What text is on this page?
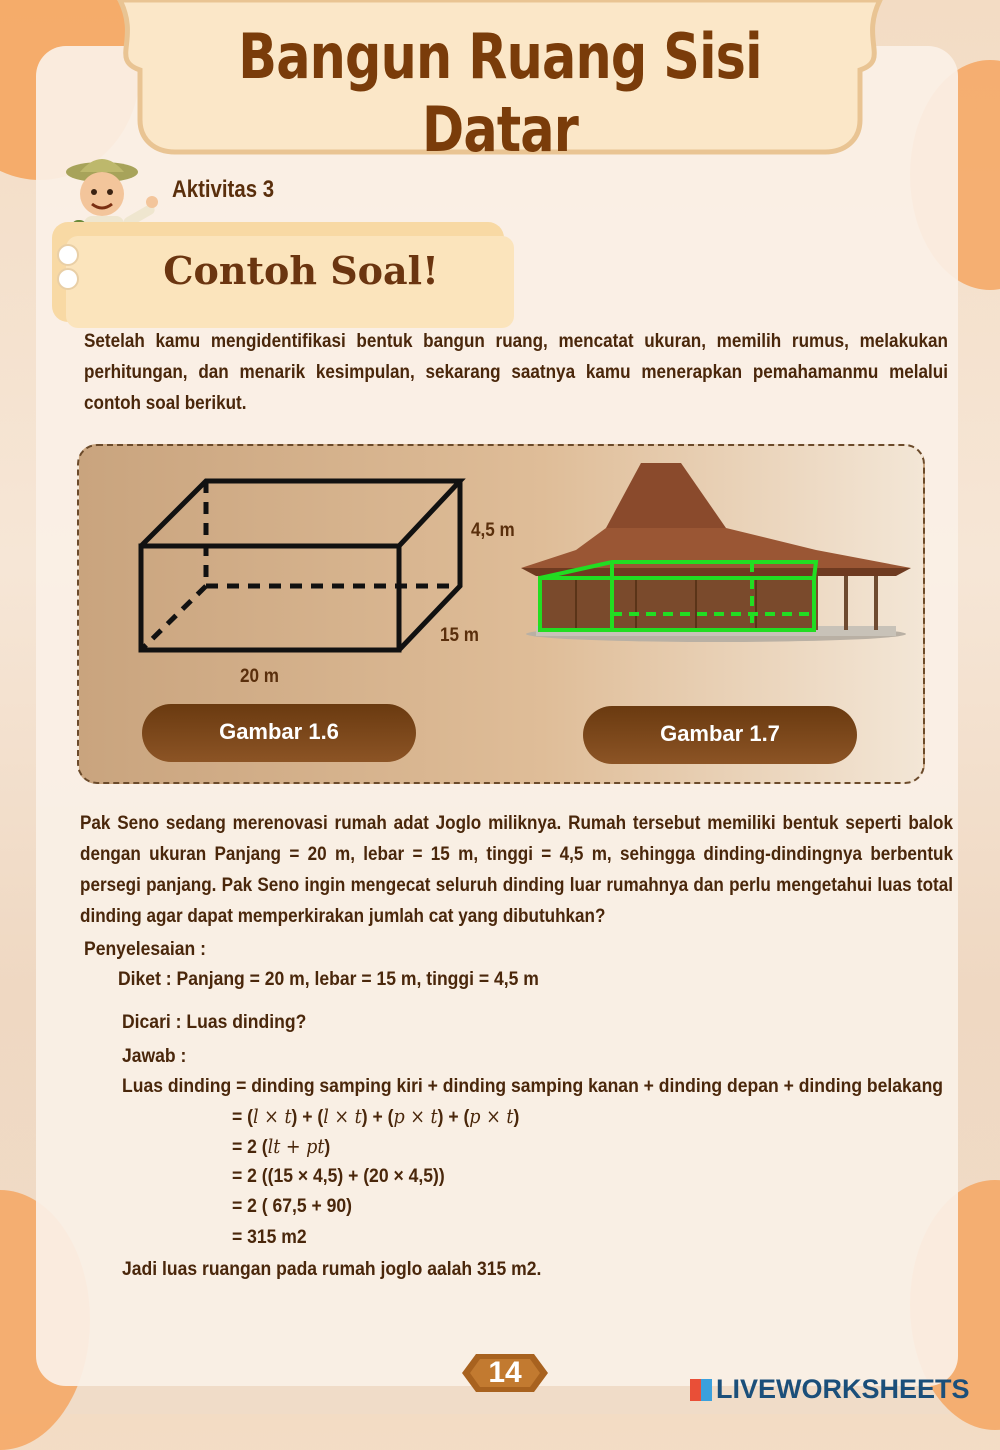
Bangun Ruang Sisi Datar
Aktivitas 3
Contoh Soal!
Setelah kamu mengidentifikasi bentuk bangun ruang, mencatat ukuran, memilih rumus, melakukan perhitungan, dan menarik kesimpulan, sekarang saatnya kamu menerapkan pemahamanmu melalui contoh soal berikut.
4,5 m
15 m
20 m
Gambar 1.6	Gambar 1.7
Pak Seno sedang merenovasi rumah adat Joglo miliknya. Rumah tersebut memiliki bentuk seperti balok dengan ukuran Panjang = 20 m, lebar = 15 m, tinggi = 4,5 m, sehingga dinding-dindingnya berbentuk persegi panjang. Pak Seno ingin mengecat seluruh dinding luar rumahnya dan perlu mengetahui luas total dinding agar dapat memperkirakan jumlah cat yang dibutuhkan?
Penyelesaian :
Diket : Panjang = 20 m, lebar = 15 m, tinggi = 4,5 m
Dicari : Luas dinding?
Jawab :
Luas dinding = dinding samping kiri + dinding samping kanan + dinding depan + dinding belakang
= (l × t) + (l × t) + (p × t) + (p × t)
= 2 (lt + pt)
= 2 ((15 × 4,5) + (20 × 4,5))
= 2 ( 67,5 + 90)
= 315 m2
Jadi luas ruangan pada rumah joglo aalah 315 m2.
14	LIVEWORKSHEETS
